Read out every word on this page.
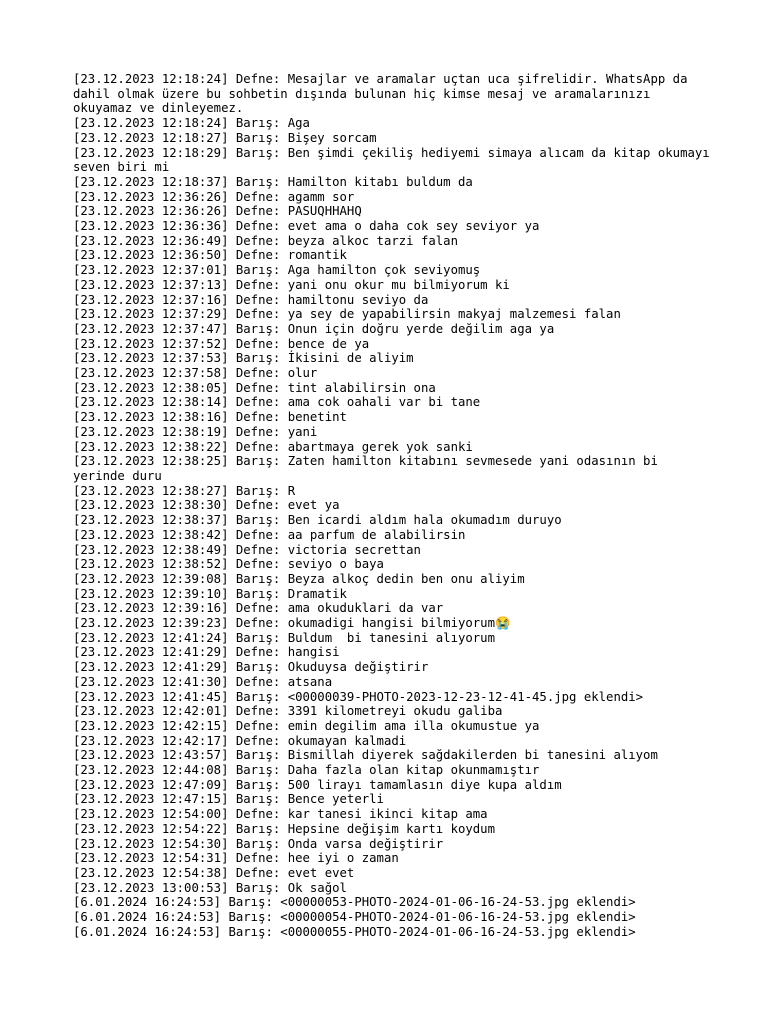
[23.12.2023 12:18:24] Defne: Mesajlar ve aramalar uçtan uca şifrelidir. WhatsApp da dahil olmak üzere bu sohbetin dışında bulunan hiç kimse mesaj ve aramalarınızı okuyamaz ve dinleyemez.
[23.12.2023 12:18:24] Barış: Aga
[23.12.2023 12:18:27] Barış: Bişey sorcam
[23.12.2023 12:18:29] Barış: Ben şimdi çekiliş hediyemi simaya alıcam da kitap okumayı seven biri mi
[23.12.2023 12:18:37] Barış: Hamilton kitabı buldum da
[23.12.2023 12:36:26] Defne: agamm sor
[23.12.2023 12:36:26] Defne: PASUQHHAHQ
[23.12.2023 12:36:36] Defne: evet ama o daha cok sey seviyor ya
[23.12.2023 12:36:49] Defne: beyza alkoc tarzi falan
[23.12.2023 12:36:50] Defne: romantik
[23.12.2023 12:37:01] Barış: Aga hamilton çok seviyomuş
[23.12.2023 12:37:13] Defne: yani onu okur mu bilmiyorum ki
[23.12.2023 12:37:16] Defne: hamiltonu seviyo da
[23.12.2023 12:37:29] Defne: ya sey de yapabilirsin makyaj malzemesi falan
[23.12.2023 12:37:47] Barış: Onun için doğru yerde değilim aga ya
[23.12.2023 12:37:52] Defne: bence de ya
[23.12.2023 12:37:53] Barış: İkisini de aliyim
[23.12.2023 12:37:58] Defne: olur
[23.12.2023 12:38:05] Defne: tint alabilirsin ona
[23.12.2023 12:38:14] Defne: ama cok oahali var bi tane
[23.12.2023 12:38:16] Defne: benetint
[23.12.2023 12:38:19] Defne: yani
[23.12.2023 12:38:22] Defne: abartmaya gerek yok sanki
[23.12.2023 12:38:25] Barış: Zaten hamilton kitabını sevmesede yani odasının bi yerinde duru
[23.12.2023 12:38:27] Barış: R
[23.12.2023 12:38:30] Defne: evet ya
[23.12.2023 12:38:37] Barış: Ben icardi aldım hala okumadım duruyo
[23.12.2023 12:38:42] Defne: aa parfum de alabilirsin
[23.12.2023 12:38:49] Defne: victoria secrettan
[23.12.2023 12:38:52] Defne: seviyo o baya
[23.12.2023 12:39:08] Barış: Beyza alkoç dedin ben onu aliyim
[23.12.2023 12:39:10] Barış: Dramatik
[23.12.2023 12:39:16] Defne: ama okuduklari da var
[23.12.2023 12:39:23] Defne: okumadigi hangisi bilmiyorum😭
[23.12.2023 12:41:24] Barış: Buldum  bi tanesini alıyorum
[23.12.2023 12:41:29] Defne: hangisi
[23.12.2023 12:41:29] Barış: Okuduysa değiştirir
[23.12.2023 12:41:30] Defne: atsana
[23.12.2023 12:41:45] Barış: <00000039-PHOTO-2023-12-23-12-41-45.jpg eklendi>
[23.12.2023 12:42:01] Defne: 3391 kilometreyi okudu galiba
[23.12.2023 12:42:15] Defne: emin degilim ama illa okumustue ya
[23.12.2023 12:42:17] Defne: okumayan kalmadi
[23.12.2023 12:43:57] Barış: Bismillah diyerek sağdakilerden bi tanesini alıyom
[23.12.2023 12:44:08] Barış: Daha fazla olan kitap okunmamıştır
[23.12.2023 12:47:09] Barış: 500 lirayı tamamlasın diye kupa aldım
[23.12.2023 12:47:15] Barış: Bence yeterli
[23.12.2023 12:54:00] Defne: kar tanesi ikinci kitap ama
[23.12.2023 12:54:22] Barış: Hepsine değişim kartı koydum
[23.12.2023 12:54:30] Barış: Onda varsa değiştirir
[23.12.2023 12:54:31] Defne: hee iyi o zaman
[23.12.2023 12:54:38] Defne: evet evet
[23.12.2023 13:00:53] Barış: Ok sağol
[6.01.2024 16:24:53] Barış: <00000053-PHOTO-2024-01-06-16-24-53.jpg eklendi>
[6.01.2024 16:24:53] Barış: <00000054-PHOTO-2024-01-06-16-24-53.jpg eklendi>
[6.01.2024 16:24:53] Barış: <00000055-PHOTO-2024-01-06-16-24-53.jpg eklendi>
